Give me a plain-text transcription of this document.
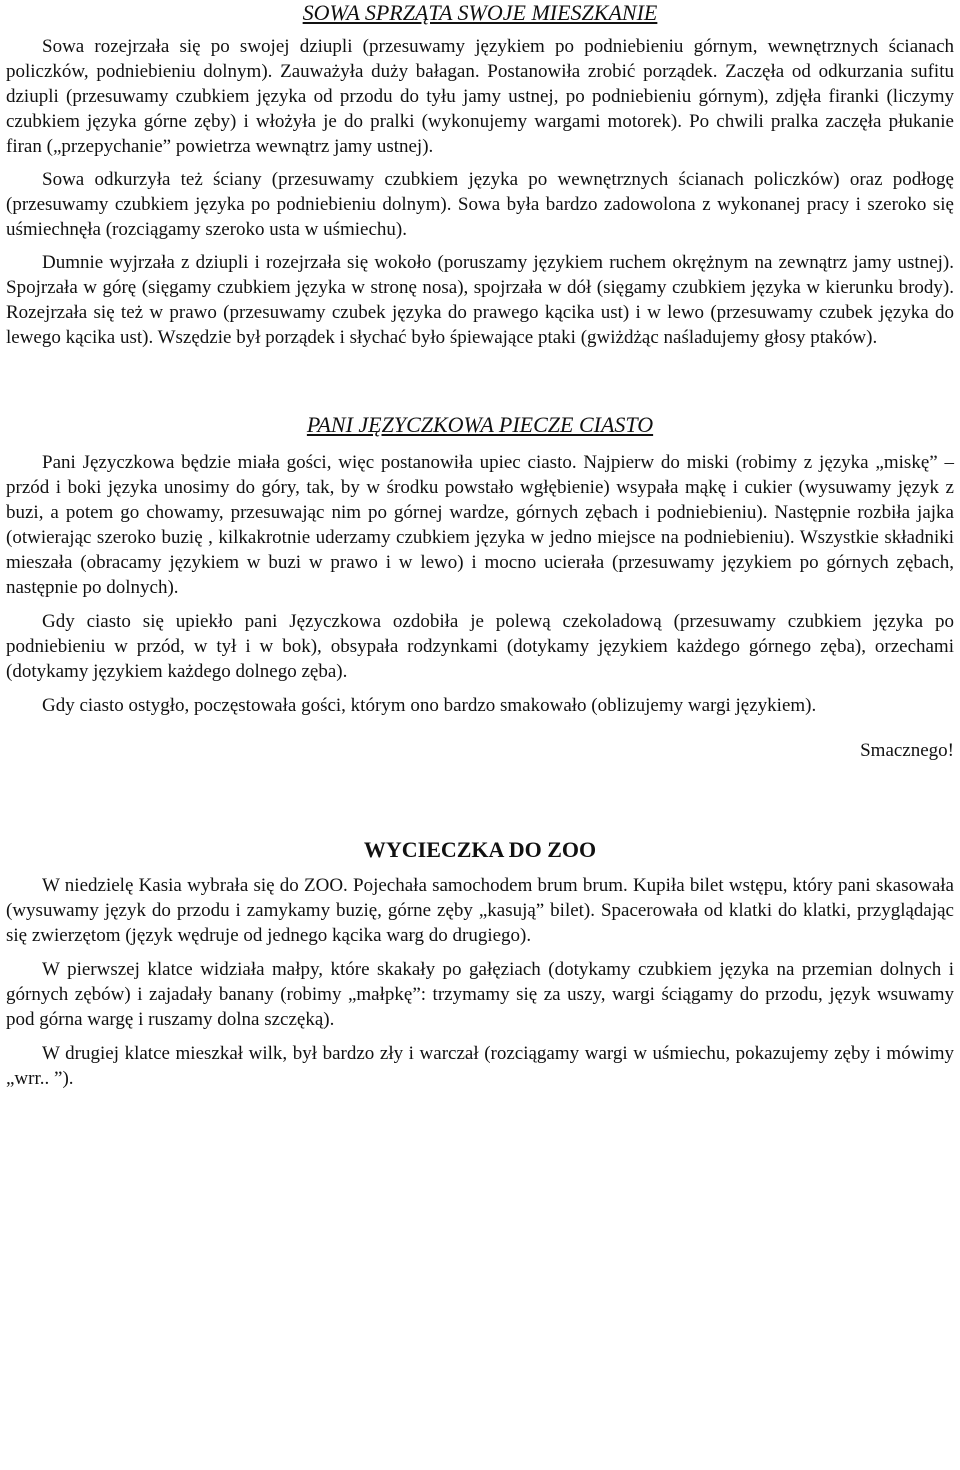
SOWA SPRZĄTA SWOJE MIESZKANIE

Sowa rozejrzała się po swojej dziupli (przesuwamy językiem po podniebieniu górnym, wewnętrznych ścianach policzków, podniebieniu dolnym). Zauważyła duży bałagan. Postanowiła zrobić porządek. Zaczęła od odkurzania sufitu dziupli (przesuwamy czubkiem języka od przodu do tyłu jamy ustnej, po podniebieniu górnym), zdjęła firanki (liczymy czubkiem języka górne zęby) i włożyła je do pralki (wykonujemy wargami motorek). Po chwili pralka zaczęła płukanie firan („przepychanie” powietrza wewnątrz jamy ustnej).

Sowa odkurzyła też ściany (przesuwamy czubkiem języka po wewnętrznych ścianach policzków) oraz podłogę (przesuwamy czubkiem języka po podniebieniu dolnym). Sowa była bardzo zadowolona z wykonanej pracy i szeroko się uśmiechnęła (rozciągamy szeroko usta w uśmiechu).

Dumnie wyjrzała z dziupli i rozejrzała się wokoło (poruszamy językiem ruchem okrężnym na zewnątrz jamy ustnej). Spojrzała w górę (sięgamy czubkiem języka w stronę nosa), spojrzała w dół (sięgamy czubkiem języka w kierunku brody). Rozejrzała się też w prawo (przesuwamy czubek języka do prawego kącika ust) i w lewo (przesuwamy czubek języka do lewego kącika ust). Wszędzie był porządek i słychać było śpiewające ptaki (gwiżdżąc naśladujemy głosy ptaków).

PANI JĘZYCZKOWA PIECZE CIASTO

Pani Języczkowa będzie miała gości, więc postanowiła upiec ciasto. Najpierw do miski (robimy z języka „miskę” – przód i boki języka unosimy do góry, tak, by w środku powstało wgłębienie) wsypała mąkę i cukier (wysuwamy język z buzi, a potem go chowamy, przesuwając nim po górnej wardze, górnych zębach i podniebieniu). Następnie rozbiła jajka (otwierając szeroko buzię , kilkakrotnie uderzamy czubkiem języka w jedno miejsce na podniebieniu). Wszystkie składniki mieszała (obracamy językiem w buzi w prawo i w lewo) i mocno ucierała (przesuwamy językiem po górnych zębach, następnie po dolnych).

Gdy ciasto się upiekło pani Języczkowa ozdobiła je polewą czekoladową (przesuwamy czubkiem języka po podniebieniu w przód, w tył i w bok), obsypała rodzynkami (dotykamy językiem każdego górnego zęba), orzechami (dotykamy językiem każdego dolnego zęba).

Gdy ciasto ostygło, poczęstowała gości, którym ono bardzo smakowało (oblizujemy wargi językiem).

Smacznego!

WYCIECZKA DO ZOO

W niedzielę Kasia wybrała się do ZOO. Pojechała samochodem brum brum. Kupiła bilet wstępu, który pani skasowała (wysuwamy język do przodu i zamykamy buzię, górne zęby „kasują” bilet). Spacerowała od klatki do klatki, przyglądając się zwierzętom (język wędruje od jednego kącika warg do drugiego).

W pierwszej klatce widziała małpy, które skakały po gałęziach (dotykamy czubkiem języka na przemian dolnych i górnych zębów) i zajadały banany (robimy „małpkę”: trzymamy się za uszy, wargi ściągamy do przodu, język wsuwamy pod górna wargę i ruszamy dolna szczęką).

W drugiej klatce mieszkał wilk, był bardzo zły i warczał (rozciągamy wargi w uśmiechu, pokazujemy zęby i mówimy „wrr.. ”).
